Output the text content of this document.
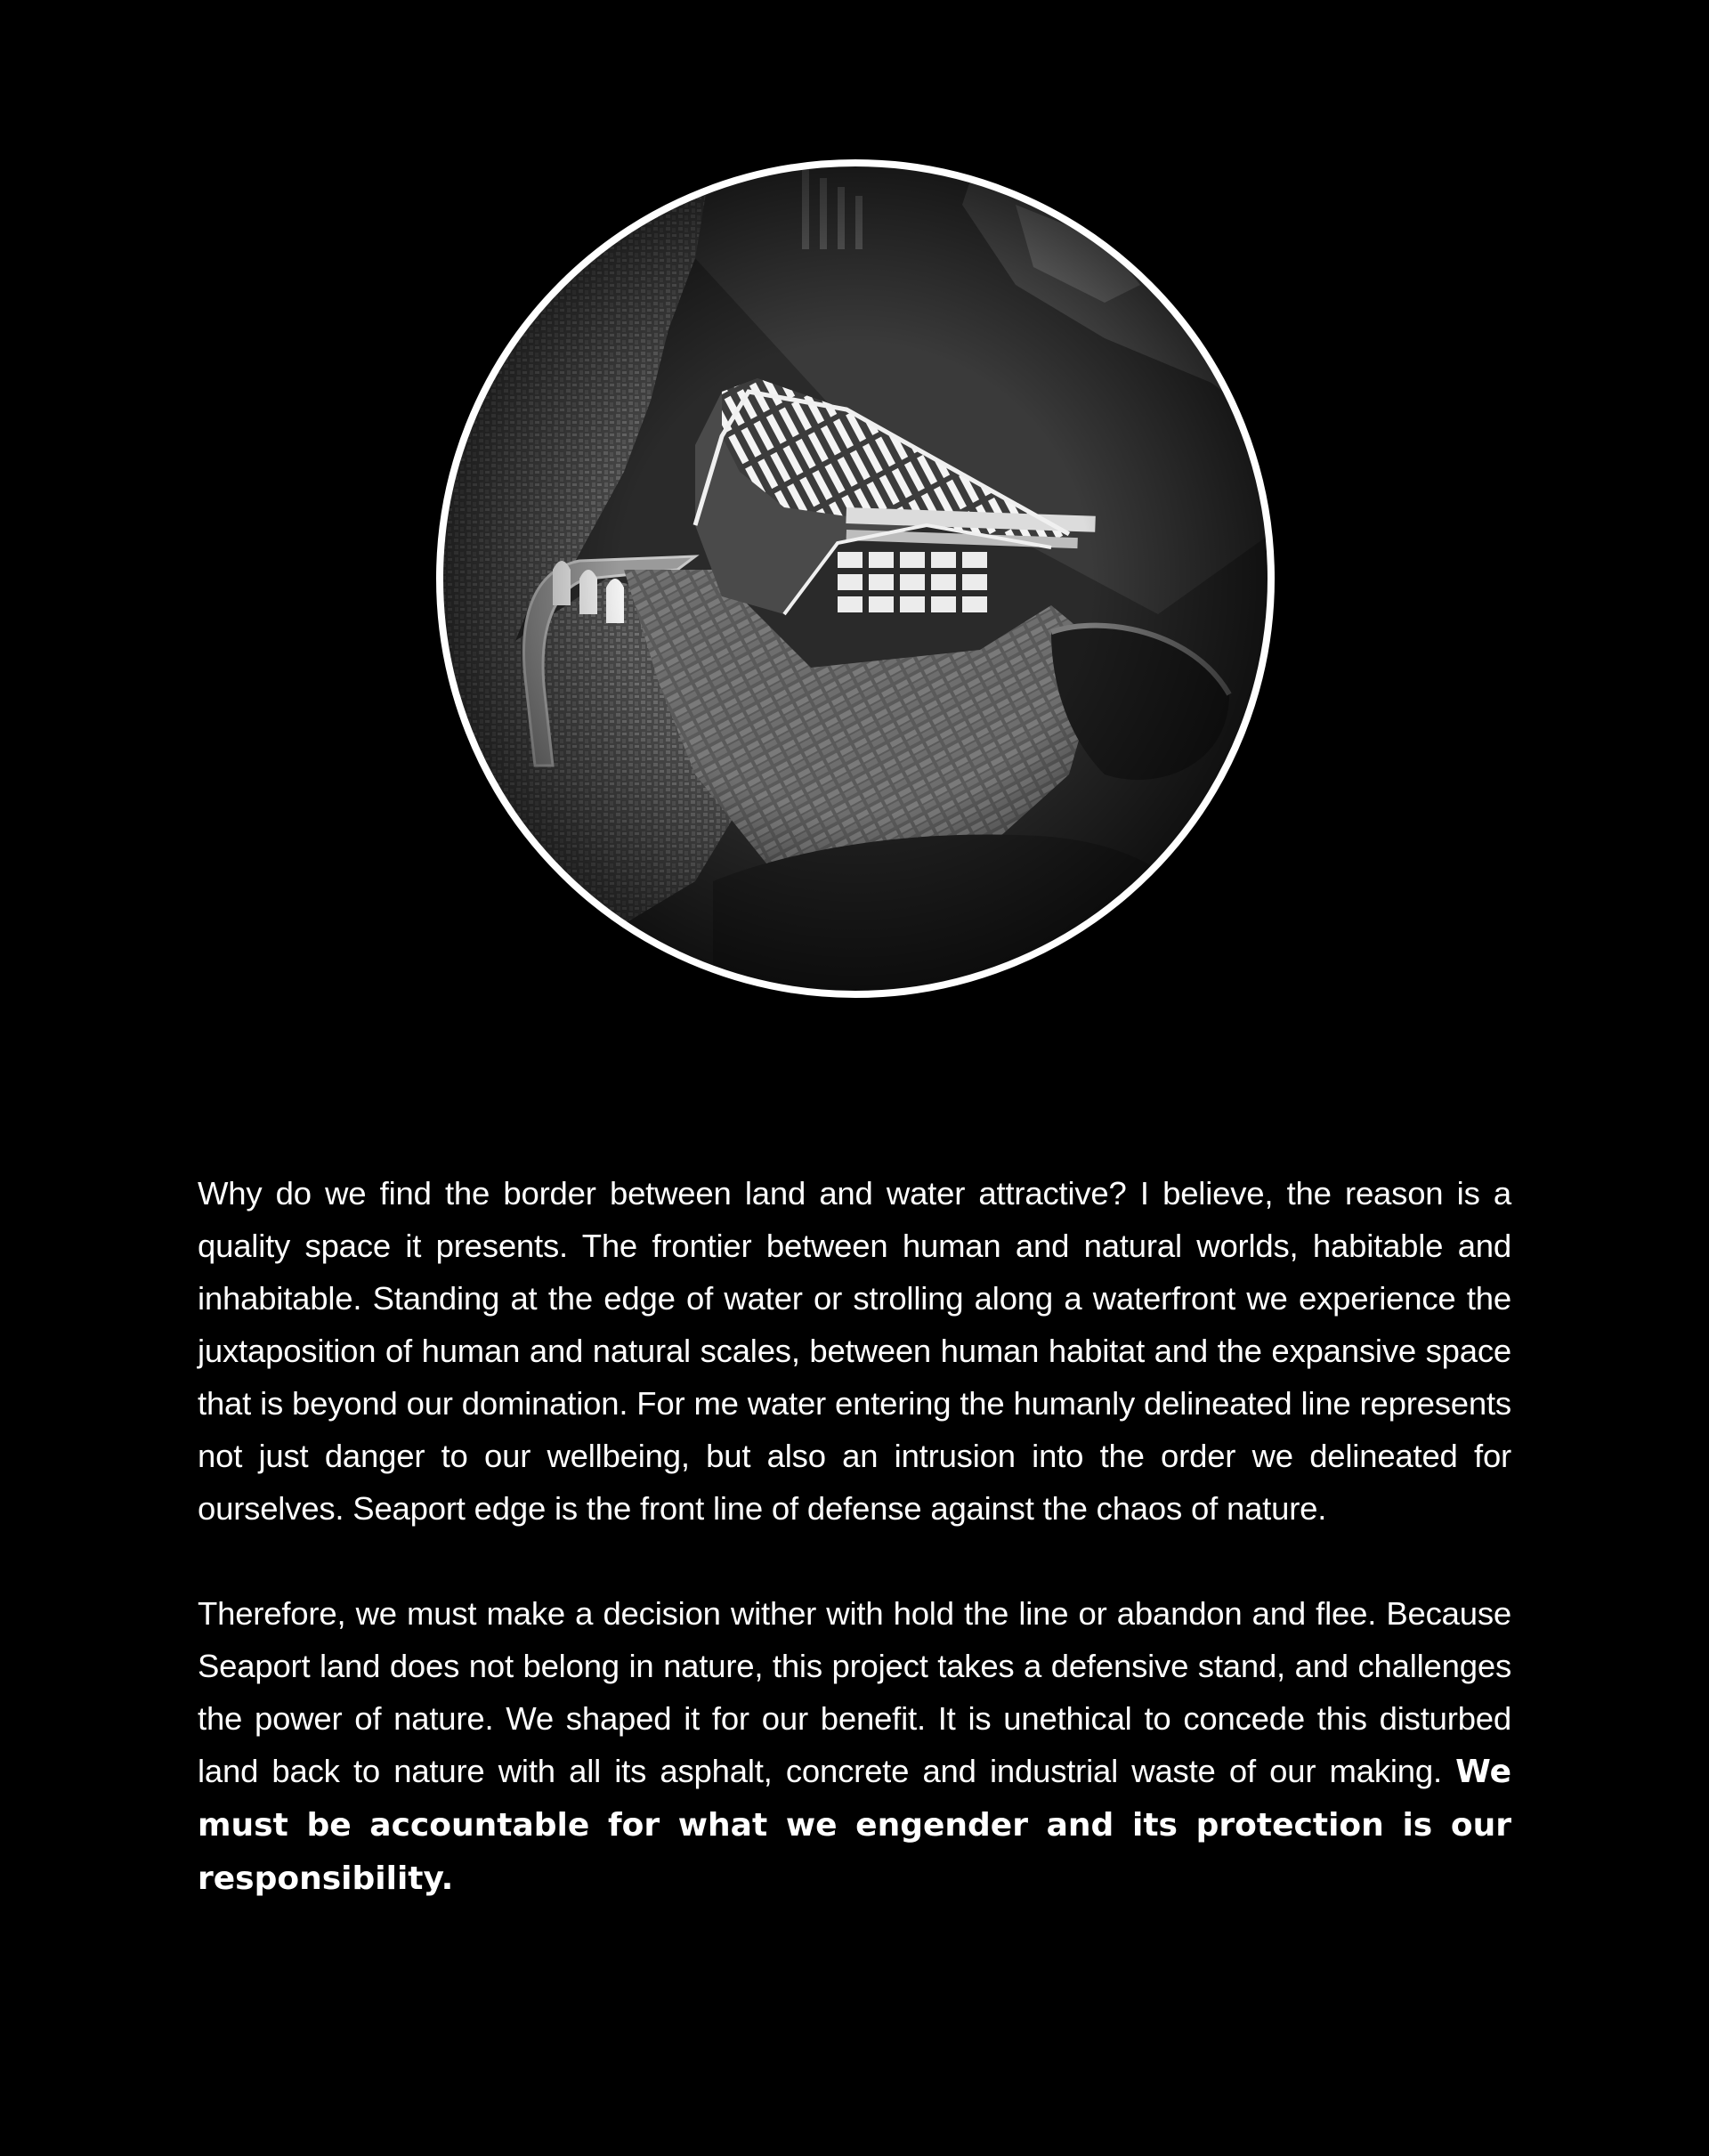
Why do we find the border between land and water attractive? I believe, the reason is a quality space it presents. The frontier between human and natural worlds, habitable and inhabitable. Standing at the edge of water or strolling along a waterfront we experience the juxtaposition of human and natural scales, between human habitat and the expansive space that is beyond our domination. For me water entering the humanly delineated line represents not just danger to our wellbeing, but also an intrusion into the order we delineated for ourselves. Seaport edge is the front line of defense against the chaos of nature.

Therefore, we must make a decision wither with hold the line or abandon and flee. Because Seaport land does not belong in nature, this project takes a defensive stand, and challenges the power of nature. We shaped it for our benefit. It is unethical to concede this disturbed land back to nature with all its asphalt, concrete and industrial waste of our making. We must be accountable for what we engender and its protection is our responsibility.
